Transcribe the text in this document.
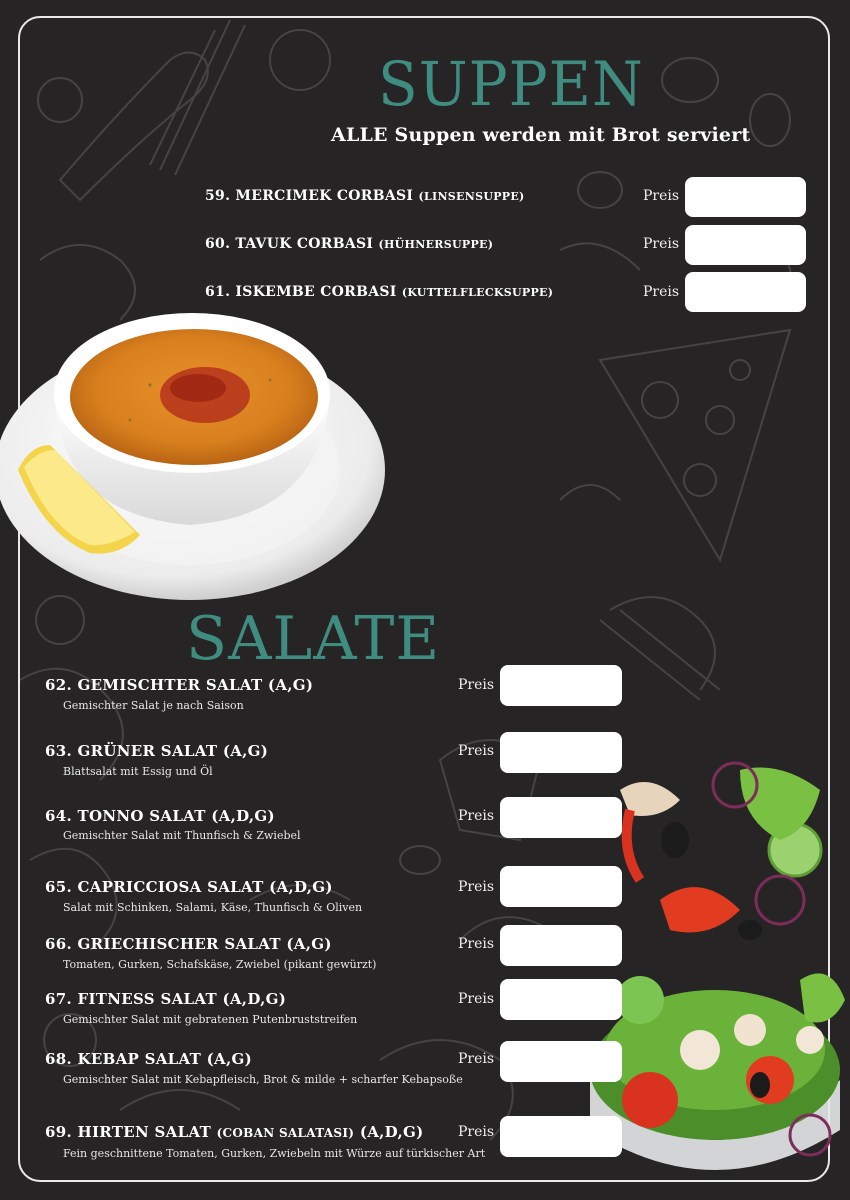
SUPPEN
ALLE Suppen werden mit Brot serviert
59. MERCIMEK CORBASI (LINSENSUPPE)	Preis
60. TAVUK CORBASI (HÜHNERSUPPE)	Preis
61. ISKEMBE CORBASI (KUTTELFLECKSUPPE)	Preis
SALATE
62. GEMISCHTER SALAT (A,G)
Gemischter Salat je nach Saison
Preis
63. GRÜNER SALAT (A,G)
Blattsalat mit Essig und Öl
Preis
64. TONNO SALAT (A,D,G)
Gemischter Salat mit Thunfisch & Zwiebel
Preis
65. CAPRICCIOSA SALAT (A,D,G)
Salat mit Schinken, Salami, Käse, Thunfisch & Oliven
Preis
66. GRIECHISCHER SALAT (A,G)
Tomaten, Gurken, Schafskäse, Zwiebel (pikant gewürzt)
Preis
67. FITNESS SALAT (A,D,G)
Gemischter Salat mit gebratenen Putenbruststreifen
Preis
68. KEBAP SALAT (A,G)
Gemischter Salat mit Kebapfleisch, Brot & milde + scharfer Kebapsoße
Preis
69. HIRTEN SALAT (COBAN SALATASI) (A,D,G)
Fein geschnittene Tomaten, Gurken, Zwiebeln mit Würze auf türkischer Art
Preis
